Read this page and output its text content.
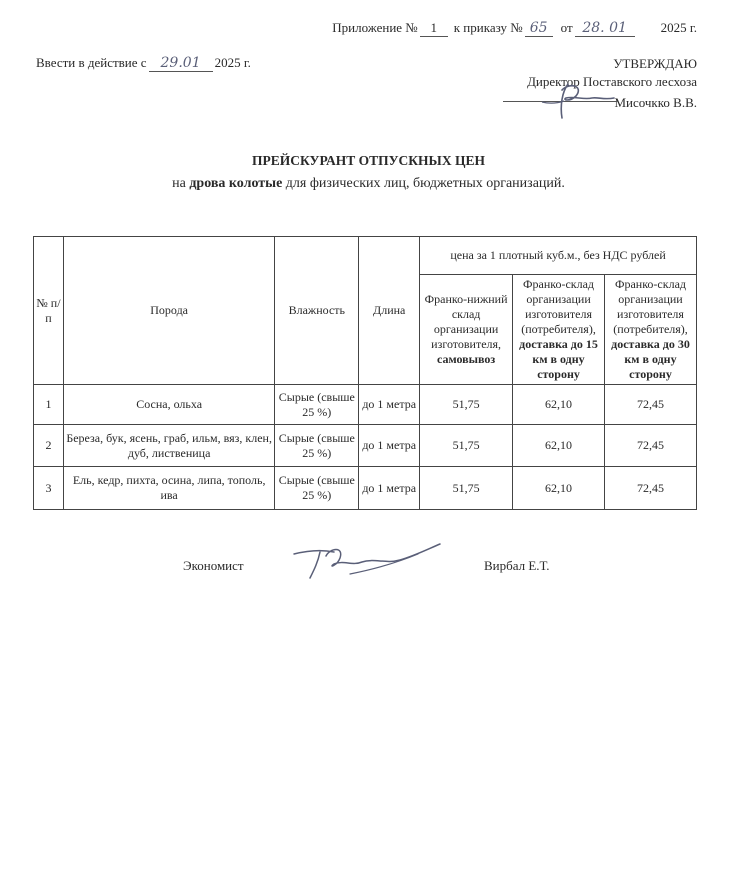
Приложение № 1	к приказу № 65	от 28. 01	2025 г.
Ввести в действие с 29.01	2025 г.	УТВЕРЖДАЮ
Директор Поставского лесхоза
Мисочкко В.В.
ПРЕЙСКУРАНТ ОТПУСКНЫХ ЦЕН
на дрова колотые для физических лиц, бюджетных организаций.
№ п/п	Порода	Влажность	Длина	цена за 1 плотный куб.м., без НДС рублей		
				Франко-нижний склад организации изготовителя, самовывоз	Франко-склад организации изготовителя (потребителя), доставка до 15 км в одну сторону	Франко-склад организации изготовителя (потребителя), доставка до 30 км в одну сторону
1	Сосна, ольха	Сырые (свыше 25 %)	до 1 метра	51,75	62,10	72,45
2	Береза, бук, ясень, граб, ильм, вяз, клен, дуб, лиственица	Сырые (свыше 25 %)	до 1 метра	51,75	62,10	72,45
3	Ель, кедр, пихта, осина, липа, тополь, ива	Сырые (свыше 25 %)	до 1 метра	51,75	62,10	72,45
Экономист	Вирбал Е.Т.
